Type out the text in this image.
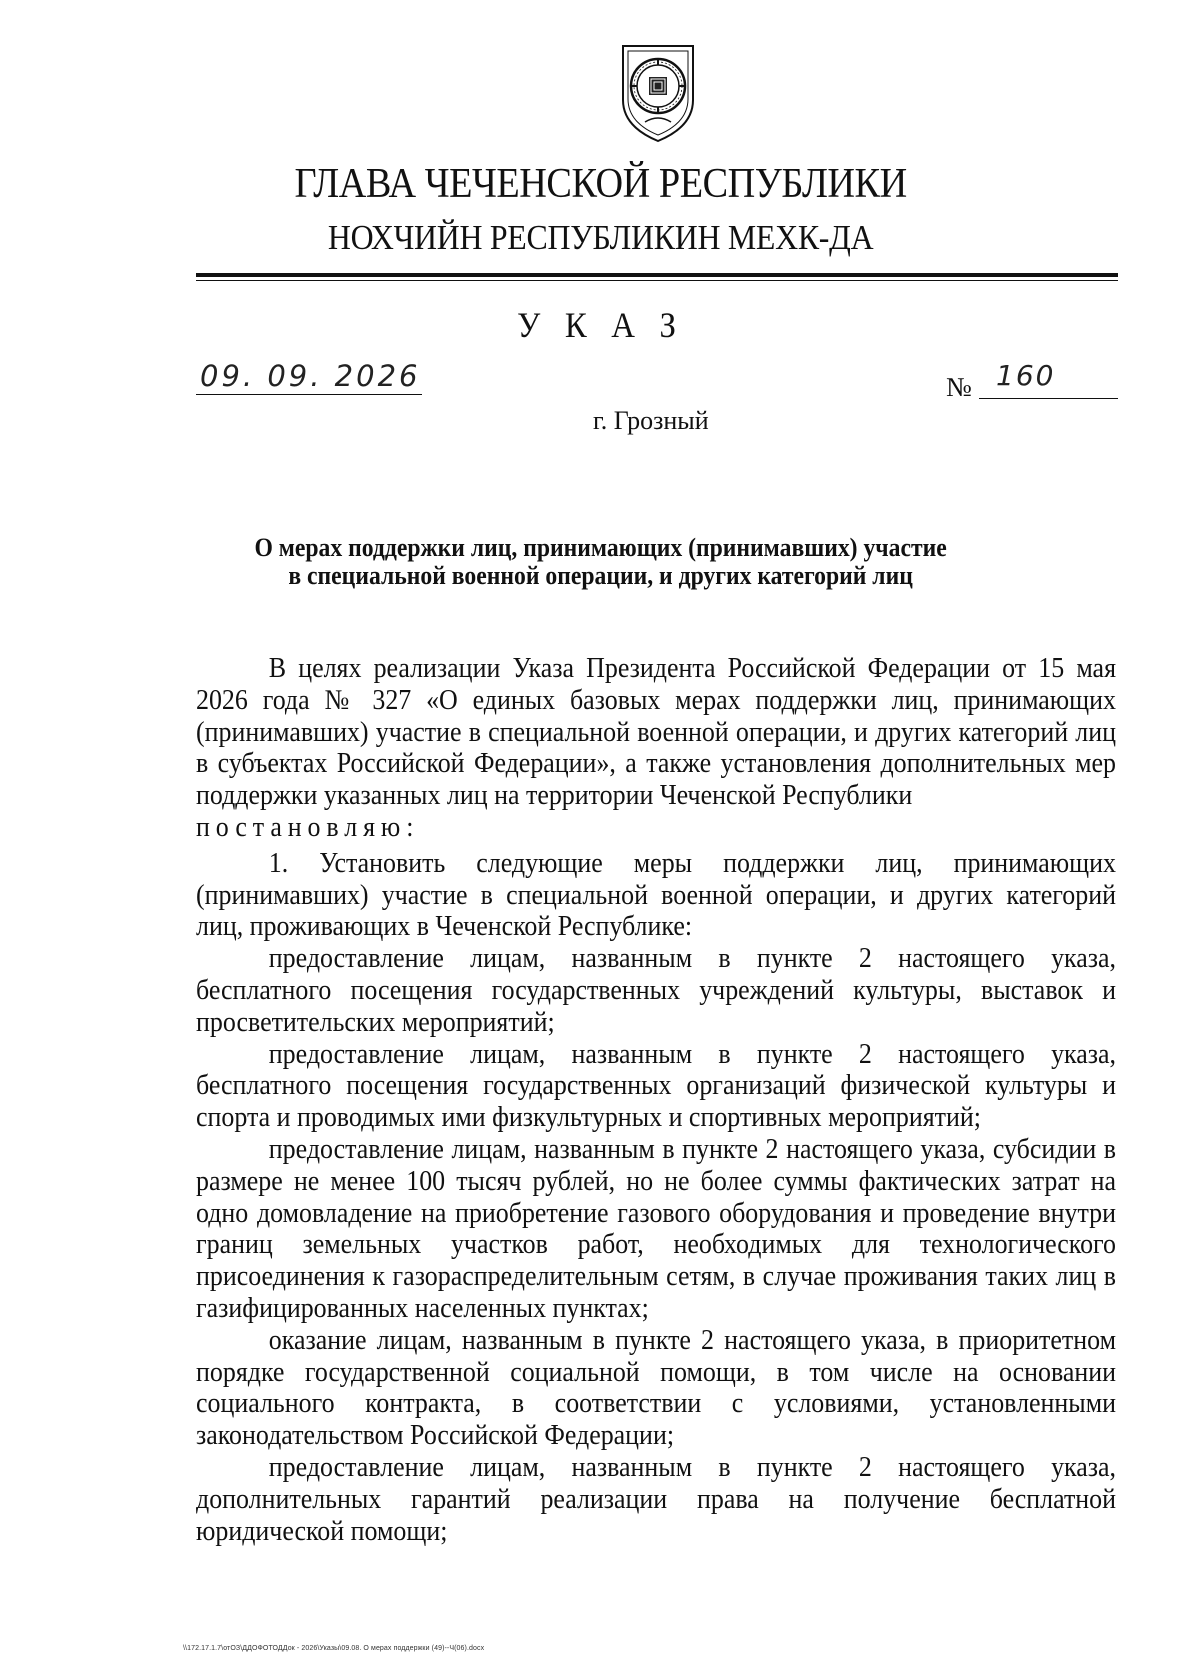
ГЛАВА ЧЕЧЕНСКОЙ РЕСПУБЛИКИ
НОХЧИЙН РЕСПУБЛИКИН МЕХК-ДА
У К А З
09. 09. 2026	№ 160
г. Грозный
О мерах поддержки лиц, принимающих (принимавших) участие
в специальной военной операции, и других категорий лиц

В целях реализации Указа Президента Российской Федерации от 15 мая 2026 года № 327 «О единых базовых мерах поддержки лиц, принимающих (принимавших) участие в специальной военной операции, и других категорий лиц в субъектах Российской Федерации», а также установления дополнительных мер поддержки указанных лиц на территории Чеченской Республики
постановляю:

1. Установить следующие меры поддержки лиц, принимающих (принимавших) участие в специальной военной операции, и других категорий лиц, проживающих в Чеченской Республике:

предоставление лицам, названным в пункте 2 настоящего указа, бесплатного посещения государственных учреждений культуры, выставок и просветительских мероприятий;

предоставление лицам, названным в пункте 2 настоящего указа, бесплатного посещения государственных организаций физической культуры и спорта и проводимых ими физкультурных и спортивных мероприятий;

предоставление лицам, названным в пункте 2 настоящего указа, субсидии в размере не менее 100 тысяч рублей, но не более суммы фактических затрат на одно домовладение на приобретение газового оборудования и проведение внутри границ земельных участков работ, необходимых для технологического присоединения к газораспределительным сетям, в случае проживания таких лиц в газифицированных населенных пунктах;

оказание лицам, названным в пункте 2 настоящего указа, в приоритетном порядке государственной социальной помощи, в том числе на основании социального контракта, в соответствии с условиями, установленными законодательством Российской Федерации;

предоставление лицам, названным в пункте 2 настоящего указа, дополнительных гарантий реализации права на получение бесплатной юридической помощи;

\\172.17.1.7\отОЗ\ДДОФОТОДДок - 2026\Указы\09.08. О мерах поддержки (49)--Ч(06).docx
